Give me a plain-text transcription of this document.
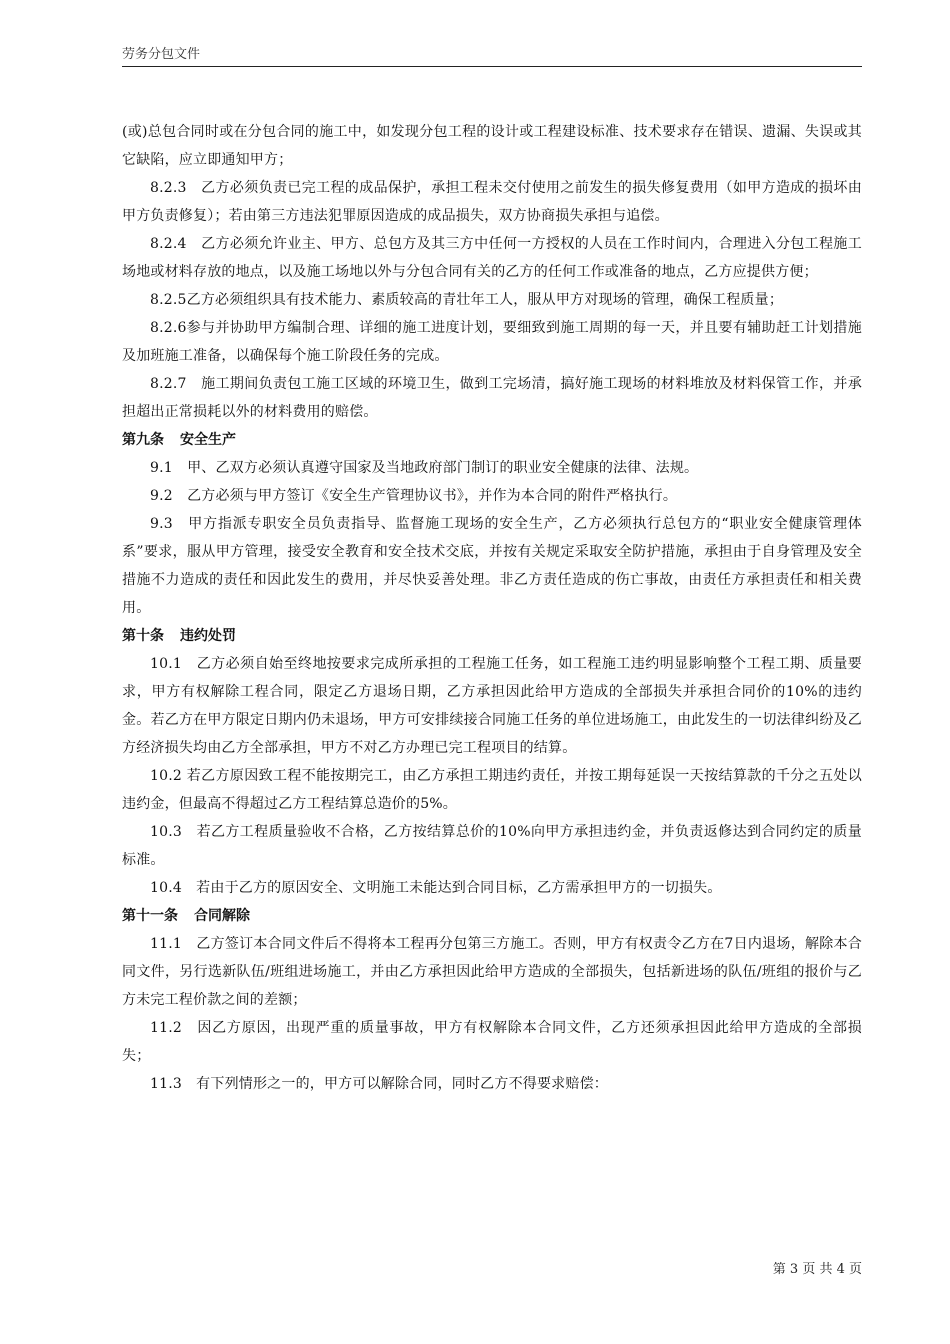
劳务分包文件

(或)总包合同时或在分包合同的施工中，如发现分包工程的设计或工程建设标准、技术要求存在错误、遗漏、失误或其它缺陷，应立即通知甲方；

8.2.3　乙方必须负责已完工程的成品保护，承担工程未交付使用之前发生的损失修复费用（如甲方造成的损坏由甲方负责修复）；若由第三方违法犯罪原因造成的成品损失，双方协商损失承担与追偿。

8.2.4　乙方必须允许业主、甲方、总包方及其三方中任何一方授权的人员在工作时间内，合理进入分包工程施工场地或材料存放的地点，以及施工场地以外与分包合同有关的乙方的任何工作或准备的地点，乙方应提供方便；

8.2.5乙方必须组织具有技术能力、素质较高的青壮年工人，服从甲方对现场的管理，确保工程质量；

8.2.6参与并协助甲方编制合理、详细的施工进度计划，要细致到施工周期的每一天，并且要有辅助赶工计划措施及加班施工准备，以确保每个施工阶段任务的完成。

8.2.7　施工期间负责包工施工区域的环境卫生，做到工完场清，搞好施工现场的材料堆放及材料保管工作，并承担超出正常损耗以外的材料费用的赔偿。

第九条 安全生产

9.1　甲、乙双方必须认真遵守国家及当地政府部门制订的职业安全健康的法律、法规。

9.2　乙方必须与甲方签订《安全生产管理协议书》，并作为本合同的附件严格执行。

9.3　甲方指派专职安全员负责指导、监督施工现场的安全生产，乙方必须执行总包方的“职业安全健康管理体系”要求，服从甲方管理，接受安全教育和安全技术交底，并按有关规定采取安全防护措施，承担由于自身管理及安全措施不力造成的责任和因此发生的费用，并尽快妥善处理。非乙方责任造成的伤亡事故，由责任方承担责任和相关费用。

第十条 违约处罚

10.1　乙方必须自始至终地按要求完成所承担的工程施工任务，如工程施工违约明显影响整个工程工期、质量要求，甲方有权解除工程合同，限定乙方退场日期，乙方承担因此给甲方造成的全部损失并承担合同价的10%的违约金。若乙方在甲方限定日期内仍未退场，甲方可安排续接合同施工任务的单位进场施工，由此发生的一切法律纠纷及乙方经济损失均由乙方全部承担，甲方不对乙方办理已完工程项目的结算。

10.2 若乙方原因致工程不能按期完工，由乙方承担工期违约责任，并按工期每延误一天按结算款的千分之五处以违约金，但最高不得超过乙方工程结算总造价的5%。

10.3　若乙方工程质量验收不合格，乙方按结算总价的10%向甲方承担违约金，并负责返修达到合同约定的质量标准。

10.4　若由于乙方的原因安全、文明施工未能达到合同目标，乙方需承担甲方的一切损失。

第十一条 合同解除

11.1　乙方签订本合同文件后不得将本工程再分包第三方施工。否则，甲方有权责令乙方在7日内退场，解除本合同文件，另行选新队伍/班组进场施工，并由乙方承担因此给甲方造成的全部损失，包括新进场的队伍/班组的报价与乙方未完工程价款之间的差额；

11.2　因乙方原因，出现严重的质量事故，甲方有权解除本合同文件，乙方还须承担因此给甲方造成的全部损失；

11.3　有下列情形之一的，甲方可以解除合同，同时乙方不得要求赔偿：

第 3 页 共 4 页
